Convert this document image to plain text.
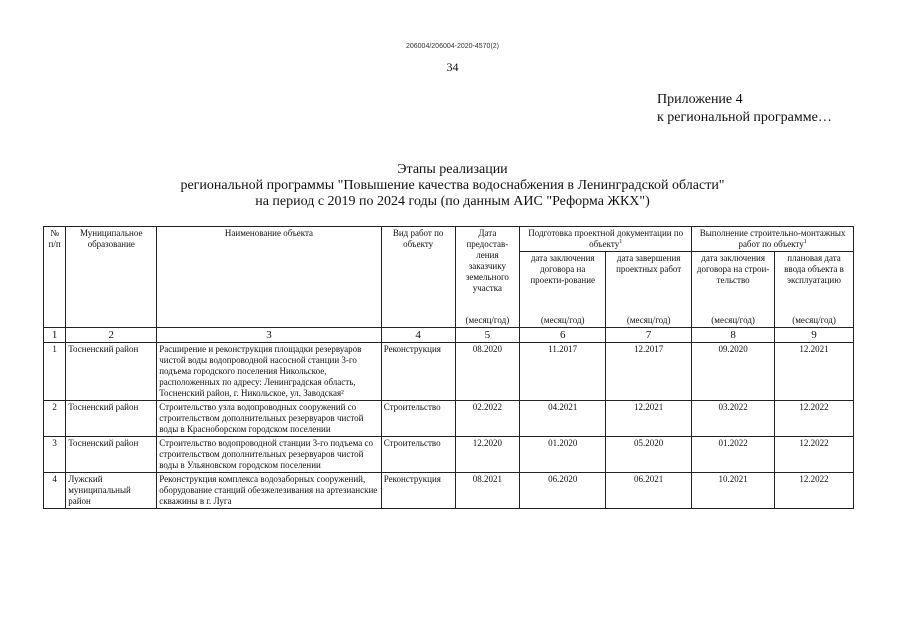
206004/206004-2020-4570(2)
34
Приложение 4
к региональной программе…
Этапы реализации
региональной программы "Повышение качества водоснабжения в Ленинградской области"
на период с 2019 по 2024 годы (по данным АИС "Реформа ЖКХ")
№ п/п	Муниципальное образование	Наименование объекта	Вид работ по объекту	Дата предостав-ления заказчику земельного участка	Подготовка проектной документации по объекту$^1$		Выполнение строительно-монтажных работ по объекту$^1$
					дата заключения договора на проекти-рование	дата завершения проектных работ	дата заключения договора на строи-тельство	плановая дата ввода объекта в эксплуатацию
				(месяц/год)	(месяц/год)	(месяц/год)	(месяц/год)	(месяц/год)
1	2	3	4	5	6	7	8	9
1	Тосненский район	Расширение и реконструкция площадки резервуаров чистой воды водопроводной насосной станции 3-го подъема городского поселения Никольское, расположенных по адресу: Ленинградская область, Тосненский район, г. Никольское, ул. Заводская²	Реконструкция	08.2020	11.2017	12.2017	09.2020	12.2021
2	Тосненский район	Строительство узла водопроводных сооружений со строительством дополнительных резервуаров чистой воды в Красноборском городском поселении	Строительство	02.2022	04.2021	12.2021	03.2022	12.2022
3	Тосненский район	Строительство водопроводной станции 3-го подъема со строительством дополнительных резервуаров чистой воды в Ульяновском городском поселении	Строительство	12.2020	01.2020	05.2020	01.2022	12.2022
4	Лужский муниципальный район	Реконструкция комплекса водозаборных сооружений, оборудование станций обезжелезивания на артезианские скважины в г. Луга	Реконструкция	08.2021	06.2020	06.2021	10.2021	12.2022
